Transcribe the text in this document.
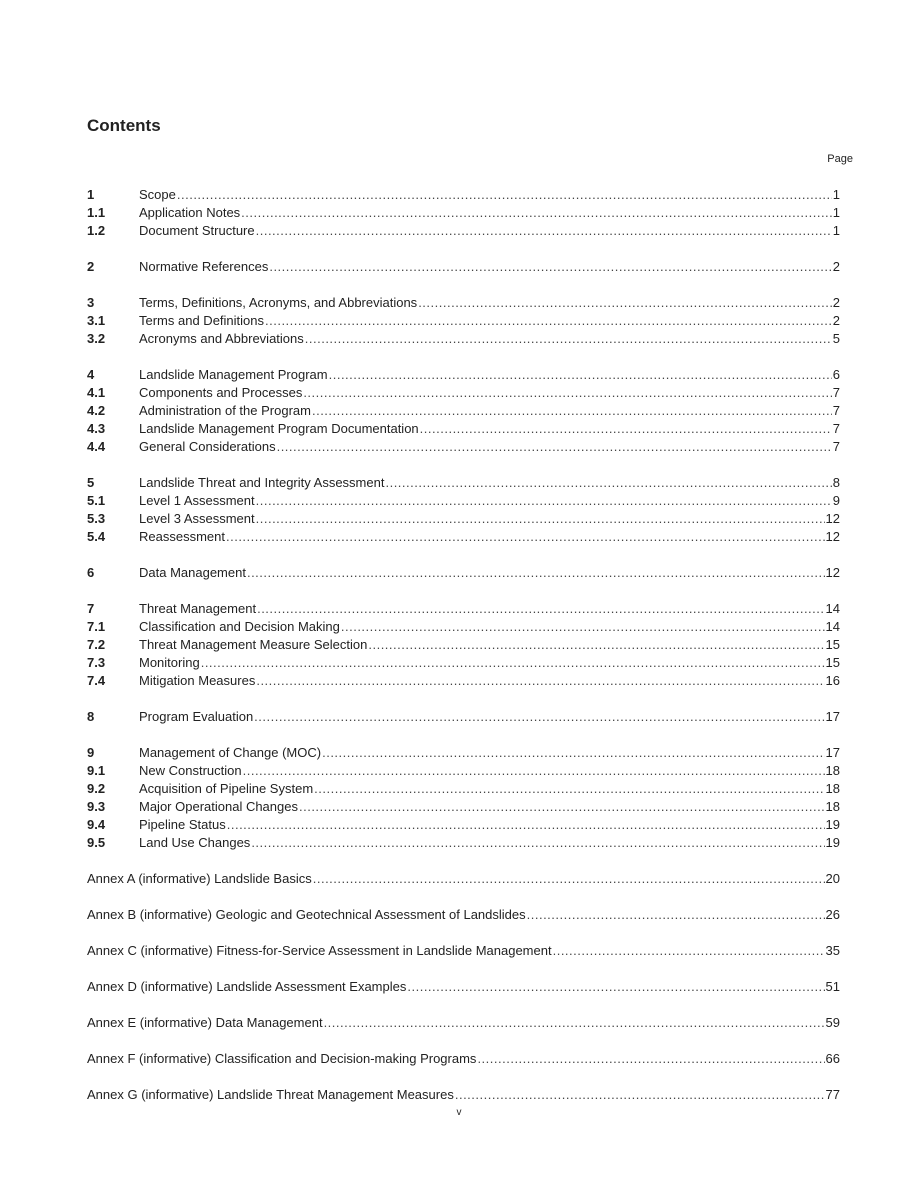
Contents
Page
1	Scope .....	1
1.1	Application Notes .....	1
1.2	Document Structure .....	1
2	Normative References .....	2
3	Terms, Definitions, Acronyms, and Abbreviations .....	2
3.1	Terms and Definitions .....	2
3.2	Acronyms and Abbreviations .....	5
4	Landslide Management Program .....	6
4.1	Components and Processes .....	7
4.2	Administration of the Program .....	7
4.3	Landslide Management Program Documentation .....	7
4.4	General Considerations .....	7
5	Landslide Threat and Integrity Assessment .....	8
5.1	Level 1 Assessment .....	9
5.3	Level 3 Assessment .....	12
5.4	Reassessment .....	12
6	Data Management .....	12
7	Threat Management .....	14
7.1	Classification and Decision Making .....	14
7.2	Threat Management Measure Selection .....	15
7.3	Monitoring .....	15
7.4	Mitigation Measures .....	16
8	Program Evaluation .....	17
9	Management of Change (MOC) .....	17
9.1	New Construction .....	18
9.2	Acquisition of Pipeline System .....	18
9.3	Major Operational Changes .....	18
9.4	Pipeline Status .....	19
9.5	Land Use Changes .....	19
Annex A (informative) Landslide Basics .....	20
Annex B (informative) Geologic and Geotechnical Assessment of Landslides .....	26
Annex C (informative) Fitness-for-Service Assessment in Landslide Management .....	35
Annex D (informative) Landslide Assessment Examples .....	51
Annex E (informative) Data Management .....	59
Annex F (informative) Classification and Decision-making Programs .....	66
Annex G (informative) Landslide Threat Management Measures .....	77
v
